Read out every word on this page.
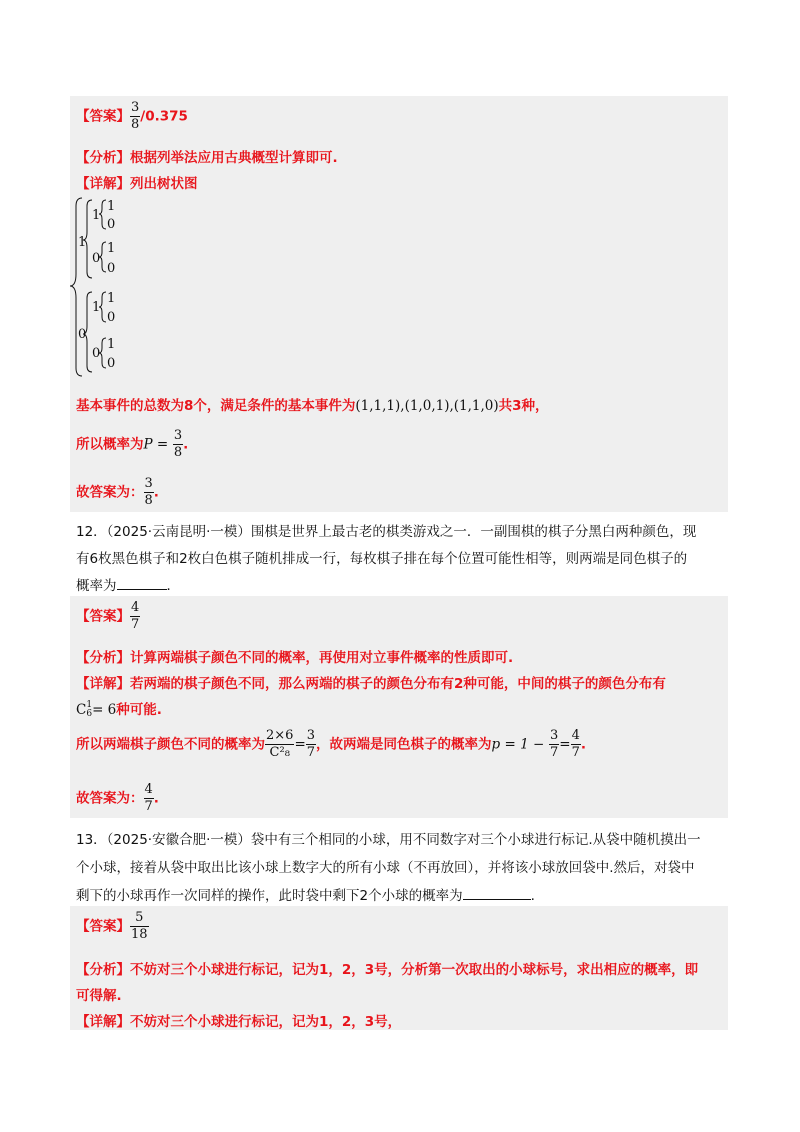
【答案】 $\frac{3}{8} /0.375$
【分析】根据列举法应用古典概型计算即可.
【详解】列出树状图
1
1
1
0
0
1
0
0
1
1
0
0
1
0
基本事件的总数为8个，满足条件的基本事件为(1,1,1),(1,0,1),(1,1,0)共3种，
所以概率为$P = \frac{3}{8}$ .
故答案为： $\frac{3}{8}$ .
12．（2025·云南昆明·一模）围棋是世界上最古老的棋类游戏之一．一副围棋的棋子分黑白两种颜色，现
有6枚黑色棋子和2枚白色棋子随机排成一行，每枚棋子排在每个位置可能性相等，则两端是同色棋子的
概率为	．
【答案】 $\frac{4}{7}$
【分析】计算两端棋子颜色不同的概率，再使用对立事件概率的性质即可.
【详解】若两端的棋子颜色不同，那么两端的棋子的颜色分布有2种可能，中间的棋子的颜色分布有
C 1
6 = 6种可能.
所以两端棋子颜色不同的概率为 $\frac{2\times 6}{\text{C²₈}} = \frac{3}{7}$ ，故两端是同色棋子的概率为$p = 1 - \frac{3}{7} = \frac{4}{7}$ .
故答案为： $\frac{4}{7}$ .
13．（2025·安徽合肥·一模）袋中有三个相同的小球，用不同数字对三个小球进行标记.从袋中随机摸出一
个小球，接着从袋中取出比该小球上数字大的所有小球（不再放回），并将该小球放回袋中.然后，对袋中
剩下的小球再作一次同样的操作，此时袋中剩下2个小球的概率为	.
【答案】 $\frac{5}{18}$
【分析】不妨对三个小球进行标记，记为1，2，3号，分析第一次取出的小球标号，求出相应的概率，即
可得解.
【详解】不妨对三个小球进行标记，记为1，2，3号，
